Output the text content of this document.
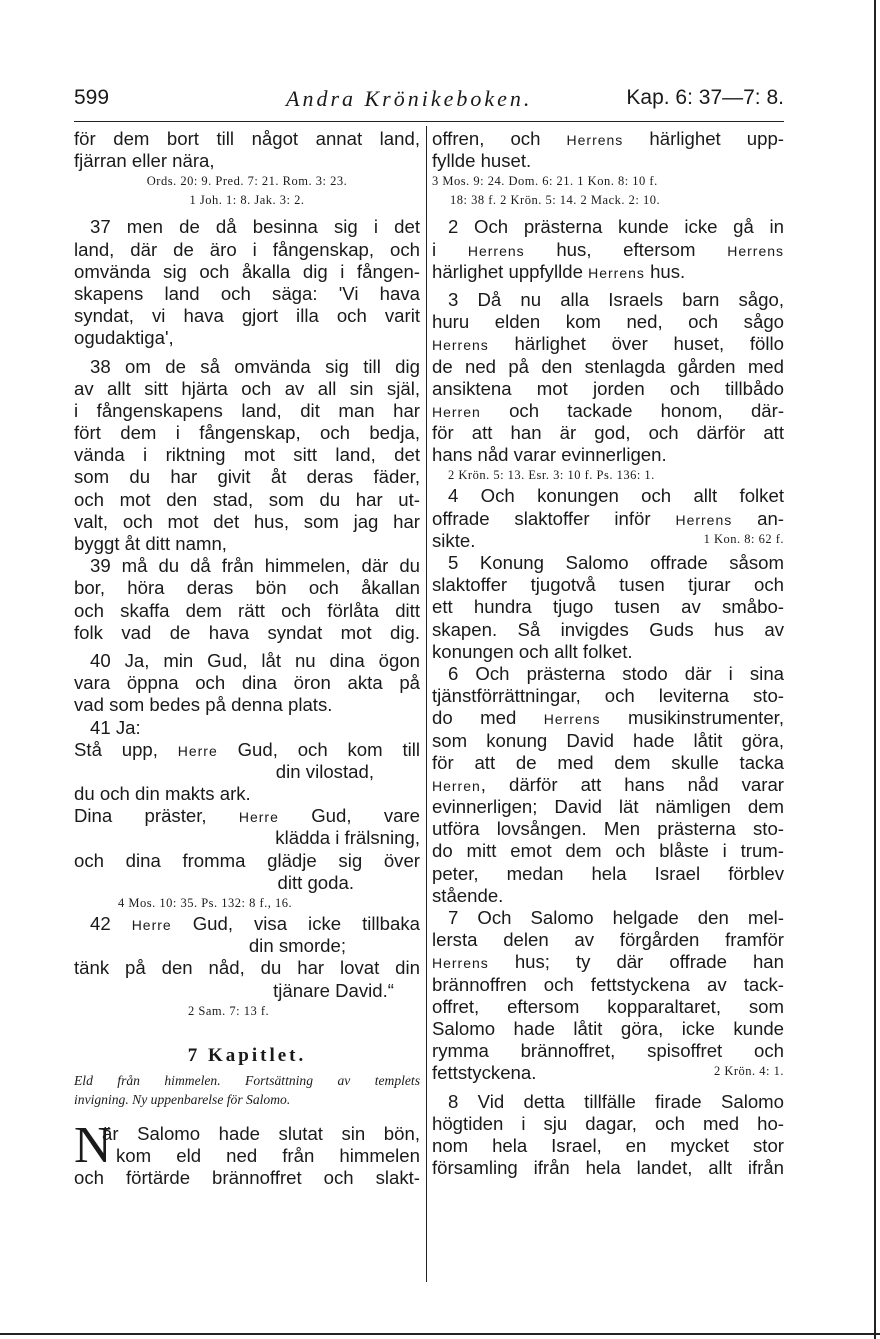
599	Andra Krönikeboken.	Kap. 6: 37—7: 8.
för dem bort till något annat land,
fjärran eller nära,
Ords. 20: 9. Pred. 7: 21. Rom. 3: 23.
1 Joh. 1: 8. Jak. 3: 2.
37 men de då besinna sig i det
land, där de äro i fångenskap, och
omvända sig och åkalla dig i fången-
skapens land och säga: 'Vi hava
syndat, vi hava gjort illa och varit
ogudaktiga',
38 om de så omvända sig till dig
av allt sitt hjärta och av all sin själ,
i fångenskapens land, dit man har
fört dem i fångenskap, och bedja,
vända i riktning mot sitt land, det
som du har givit åt deras fäder,
och mot den stad, som du har ut-
valt, och mot det hus, som jag har
byggt åt ditt namn,
39 må du då från himmelen, där du
bor, höra deras bön och åkallan
och skaffa dem rätt och förlåta ditt
folk vad de hava syndat mot dig.
40 Ja, min Gud, låt nu dina ögon
vara öppna och dina öron akta på
vad som bedes på denna plats.
41 Ja:
Stå upp, Herre Gud, och kom till
din vilostad,
du och din makts ark.
Dina präster, Herre Gud, vare
klädda i frälsning,
och dina fromma glädje sig över
ditt goda.
4 Mos. 10: 35. Ps. 132: 8 f., 16.
42 Herre Gud, visa icke tillbaka
din smorde;
tänk på den nåd, du har lovat din
tjänare David.“
2 Sam. 7: 13 f.
7 Kapitlet.
Eld från himmelen. Fortsättning av templets
invigning. Ny uppenbarelse för Salomo.
N
är Salomo hade slutat sin bön,
kom eld ned från himmelen
och förtärde brännoffret och slakt-
offren, och Herrens härlighet upp-
fyllde huset.
3 Mos. 9: 24. Dom. 6: 21. 1 Kon. 8: 10 f.
18: 38 f. 2 Krön. 5: 14. 2 Mack. 2: 10.
2 Och prästerna kunde icke gå in
i Herrens hus, eftersom Herrens
härlighet uppfyllde Herrens hus.
3 Då nu alla Israels barn sågo,
huru elden kom ned, och sågo
Herrens härlighet över huset, föllo
de ned på den stenlagda gården med
ansiktena mot jorden och tillbådo
Herren och tackade honom, där-
för att han är god, och därför att
hans nåd varar evinnerligen.
2 Krön. 5: 13. Esr. 3: 10 f. Ps. 136: 1.
4 Och konungen och allt folket
offrade slaktoffer inför Herrens an-
sikte.	1 Kon. 8: 62 f.
5 Konung Salomo offrade såsom
slaktoffer tjugotvå tusen tjurar och
ett hundra tjugo tusen av småbo-
skapen. Så invigdes Guds hus av
konungen och allt folket.
6 Och prästerna stodo där i sina
tjänstförrättningar, och leviterna sto-
do med Herrens musikinstrumenter,
som konung David hade låtit göra,
för att de med dem skulle tacka
Herren, därför att hans nåd varar
evinnerligen; David lät nämligen dem
utföra lovsången. Men prästerna sto-
do mitt emot dem och blåste i trum-
peter, medan hela Israel förblev
stående.
7 Och Salomo helgade den mel-
lersta delen av förgården framför
Herrens hus; ty där offrade han
brännoffren och fettstyckena av tack-
offret, eftersom kopparaltaret, som
Salomo hade låtit göra, icke kunde
rymma brännoffret, spisoffret och
fettstyckena.	2 Krön. 4: 1.
8 Vid detta tillfälle firade Salomo
högtiden i sju dagar, och med ho-
nom hela Israel, en mycket stor
församling ifrån hela landet, allt ifrån
